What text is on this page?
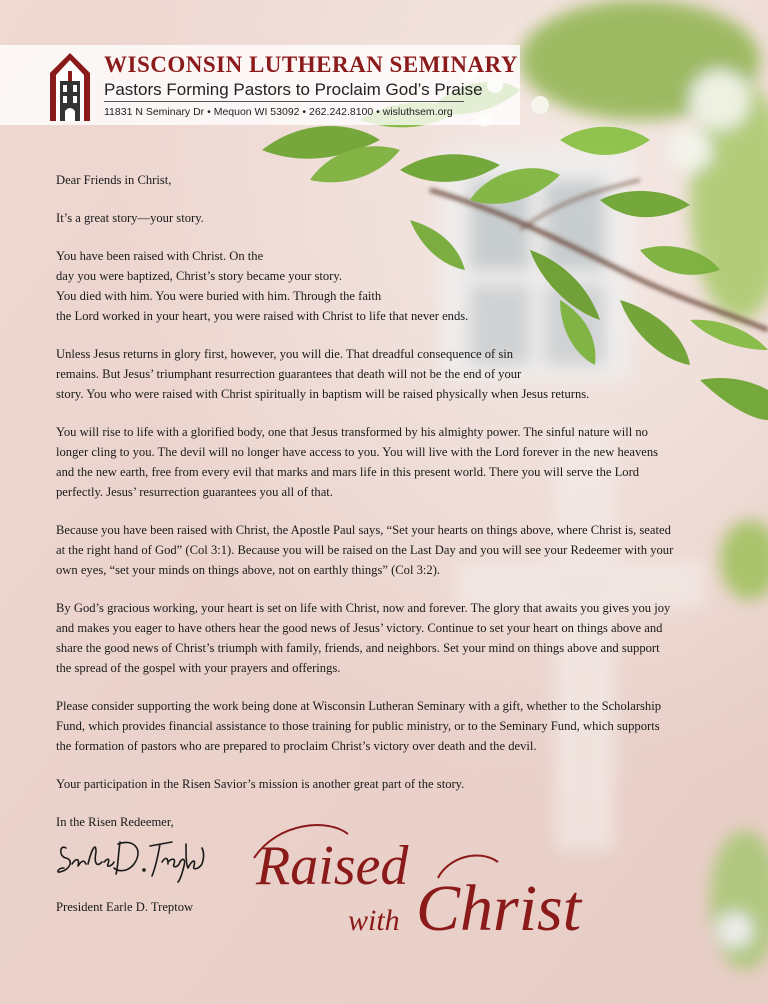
WISCONSIN LUTHERAN SEMINARY
Pastors Forming Pastors to Proclaim God’s Praise
11831 N Seminary Dr • Mequon WI 53092 • 262.242.8100 • wisluthsem.org

Dear Friends in Christ,

It’s a great story—your story.

You have been raised with Christ. On the
day you were baptized, Christ’s story became your story.
You died with him. You were buried with him. Through the faith
the Lord worked in your heart, you were raised with Christ to life that never ends.

Unless Jesus returns in glory first, however, you will die. That dreadful consequence of sin
remains. But Jesus’ triumphant resurrection guarantees that death will not be the end of your
story. You who were raised with Christ spiritually in baptism will be raised physically when Jesus returns.

You will rise to life with a glorified body, one that Jesus transformed by his almighty power. The sinful nature will no
longer cling to you. The devil will no longer have access to you. You will live with the Lord forever in the new heavens
and the new earth, free from every evil that marks and mars life in this present world. There you will serve the Lord
perfectly. Jesus’ resurrection guarantees you all of that.

Because you have been raised with Christ, the Apostle Paul says, “Set your hearts on things above, where Christ is, seated
at the right hand of God” (Col 3:1). Because you will be raised on the Last Day and you will see your Redeemer with your
own eyes, “set your minds on things above, not on earthly things” (Col 3:2).

By God’s gracious working, your heart is set on life with Christ, now and forever. The glory that awaits you gives you joy
and makes you eager to have others hear the good news of Jesus’ victory. Continue to set your heart on things above and
share the good news of Christ’s triumph with family, friends, and neighbors. Set your mind on things above and support
the spread of the gospel with your prayers and offerings.

Please consider supporting the work being done at Wisconsin Lutheran Seminary with a gift, whether to the Scholarship
Fund, which provides financial assistance to those training for public ministry, or to the Seminary Fund, which supports
the formation of pastors who are prepared to proclaim Christ’s victory over death and the devil.

Your participation in the Risen Savior’s mission is another great part of the story.

In the Risen Redeemer,

President Earle D. Treptow
Raised
with Christ
